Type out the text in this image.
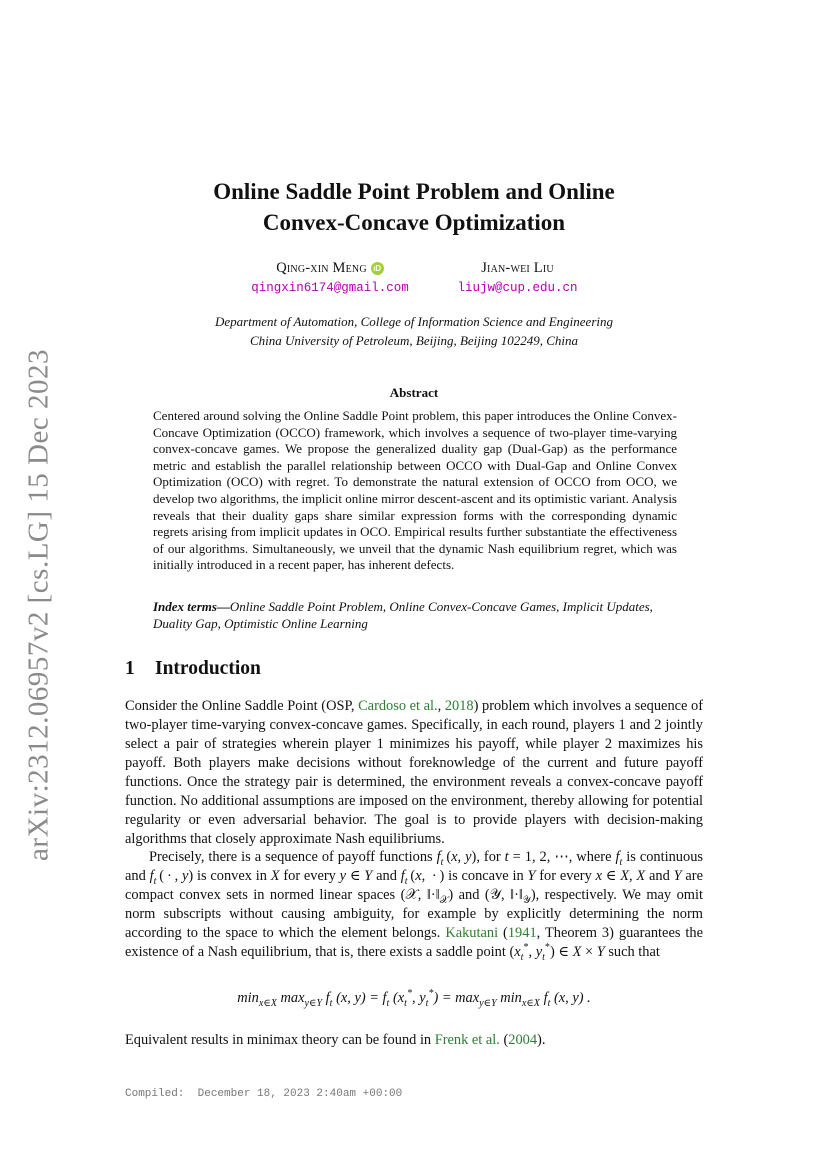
arXiv:2312.06957v2 [cs.LG] 15 Dec 2023
Online Saddle Point Problem and Online
Convex-Concave Optimization
Qing-xin Meng iD
qingxin6174@gmail.com
Jian-wei Liu
liujw@cup.edu.cn
Department of Automation, College of Information Science and Engineering
China University of Petroleum, Beijing, Beijing 102249, China
Abstract
Centered around solving the Online Saddle Point problem, this paper introduces the Online Convex-Concave Optimization (OCCO) framework, which involves a sequence of two-player time-varying convex-concave games. We propose the generalized duality gap (Dual-Gap) as the performance metric and establish the parallel relationship between OCCO with Dual-Gap and Online Convex Optimization (OCO) with regret. To demonstrate the natural extension of OCCO from OCO, we develop two algorithms, the implicit online mirror descent-ascent and its optimistic variant. Analysis reveals that their duality gaps share similar expression forms with the corresponding dynamic regrets arising from implicit updates in OCO. Empirical results further substantiate the effectiveness of our algorithms. Simultaneously, we unveil that the dynamic Nash equilibrium regret, which was initially introduced in a recent paper, has inherent defects.
Index terms—Online Saddle Point Problem, Online Convex-Concave Games, Implicit Updates, Duality Gap, Optimistic Online Learning
1 Introduction
Consider the Online Saddle Point (OSP, Cardoso et al., 2018) problem which involves a sequence of two-player time-varying convex-concave games. Specifically, in each round, players 1 and 2 jointly select a pair of strategies wherein player 1 minimizes his payoff, while player 2 maximizes his payoff. Both players make decisions without foreknowledge of the current and future payoff functions. Once the strategy pair is determined, the environment reveals a convex-concave payoff function. No additional assumptions are imposed on the environment, thereby allowing for potential regularity or even adversarial behavior. The goal is to provide players with decision-making algorithms that closely approximate Nash equilibriums.
Precisely, there is a sequence of payoff functions $f_t$ (x, y), for t = 1, 2, ⋯, where $f_t$ is continuous and $f_t$ ( · , y) is convex in X for every y ∈ Y and $f_t$ (x,  · ) is concave in Y for every x ∈ X, X and Y are compact convex sets in normed linear spaces (𝒳, $‖\cdot‖_𝒳$) and (𝒴, $‖\cdot‖_𝒴$), respectively. We may omit norm subscripts without causing ambiguity, for example by explicitly determining the norm according to the space to which the element belongs. Kakutani (1941, Theorem 3) guarantees the existence of a Nash equilibrium, that is, there exists a saddle point ($x_t^*$, $y_t^*$) ∈ X × Y such that
$\min_{x\in X} \max_{y\in Y} f_t$ (x, $y) = f_t$ ($x_t^*$, $y_t^*) = \max_{y\in Y} \min_{x\in X} f_t$ (x, y) .
Equivalent results in minimax theory can be found in Frenk et al. (2004).
Compiled:  December 18, 2023 2:40am +00:00
